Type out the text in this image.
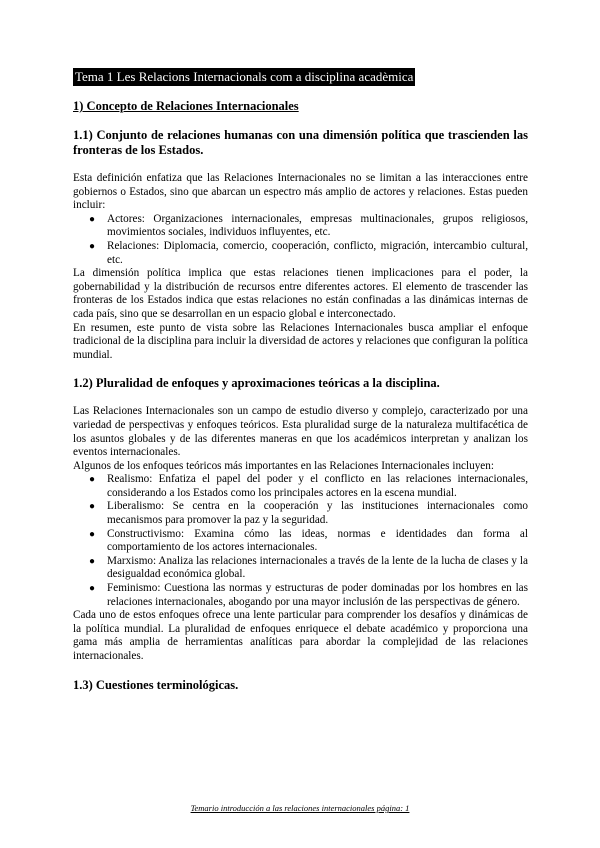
Tema 1 Les Relacions Internacionals com a disciplina acadèmica
1) Concepto de Relaciones Internacionales
1.1) Conjunto de relaciones humanas con una dimensión política que trascienden las fronteras de los Estados.

Esta definición enfatiza que las Relaciones Internacionales no se limitan a las interacciones entre gobiernos o Estados, sino que abarcan un espectro más amplio de actores y relaciones. Estas pueden incluir:

● Actores: Organizaciones internacionales, empresas multinacionales, grupos religiosos, movimientos sociales, individuos influyentes, etc.
● Relaciones: Diplomacia, comercio, cooperación, conflicto, migración, intercambio cultural, etc.

La dimensión política implica que estas relaciones tienen implicaciones para el poder, la gobernabilidad y la distribución de recursos entre diferentes actores. El elemento de trascender las fronteras de los Estados indica que estas relaciones no están confinadas a las dinámicas internas de cada país, sino que se desarrollan en un espacio global e interconectado.

En resumen, este punto de vista sobre las Relaciones Internacionales busca ampliar el enfoque tradicional de la disciplina para incluir la diversidad de actores y relaciones que configuran la política mundial.

1.2) Pluralidad de enfoques y aproximaciones teóricas a la disciplina.

Las Relaciones Internacionales son un campo de estudio diverso y complejo, caracterizado por una variedad de perspectivas y enfoques teóricos. Esta pluralidad surge de la naturaleza multifacética de los asuntos globales y de las diferentes maneras en que los académicos interpretan y analizan los eventos internacionales.

Algunos de los enfoques teóricos más importantes en las Relaciones Internacionales incluyen:

● Realismo: Enfatiza el papel del poder y el conflicto en las relaciones internacionales, considerando a los Estados como los principales actores en la escena mundial.
● Liberalismo: Se centra en la cooperación y las instituciones internacionales como mecanismos para promover la paz y la seguridad.
● Constructivismo: Examina cómo las ideas, normas e identidades dan forma al comportamiento de los actores internacionales.
● Marxismo: Analiza las relaciones internacionales a través de la lente de la lucha de clases y la desigualdad económica global.
● Feminismo: Cuestiona las normas y estructuras de poder dominadas por los hombres en las relaciones internacionales, abogando por una mayor inclusión de las perspectivas de género.

Cada uno de estos enfoques ofrece una lente particular para comprender los desafíos y dinámicas de la política mundial. La pluralidad de enfoques enriquece el debate académico y proporciona una gama más amplia de herramientas analíticas para abordar la complejidad de las relaciones internacionales.

1.3) Cuestiones terminológicas.
Temario introducción a las relaciones internacionales página: 1
